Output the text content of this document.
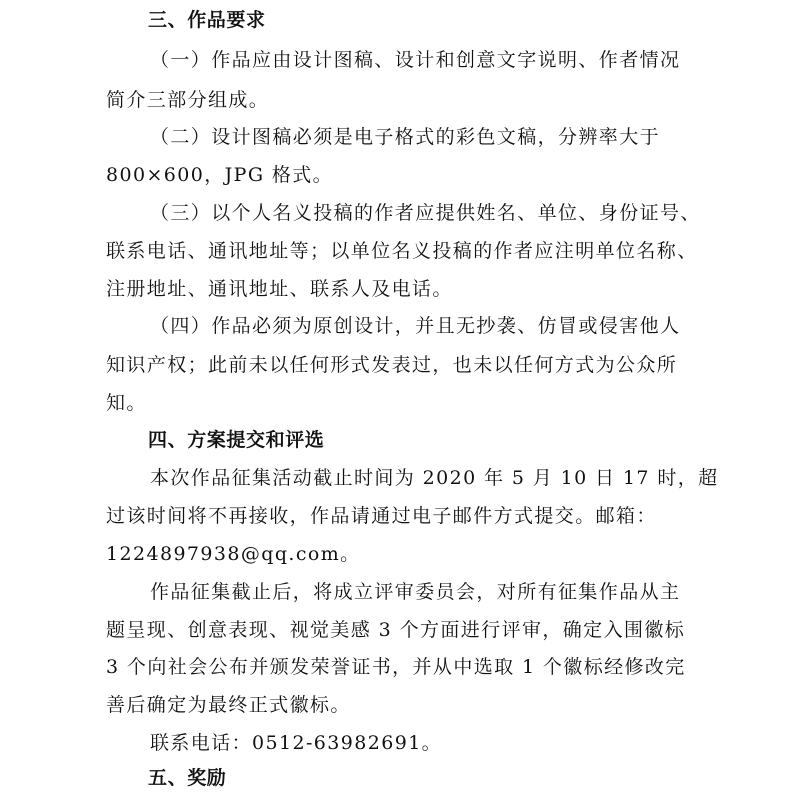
三、作品要求
（一）作品应由设计图稿、设计和创意文字说明、作者情况
简介三部分组成。
（二）设计图稿必须是电子格式的彩色文稿，分辨率大于
800×600，JPG 格式。
（三）以个人名义投稿的作者应提供姓名、单位、身份证号、
联系电话、通讯地址等；以单位名义投稿的作者应注明单位名称、
注册地址、通讯地址、联系人及电话。
（四）作品必须为原创设计，并且无抄袭、仿冒或侵害他人
知识产权；此前未以任何形式发表过，也未以任何方式为公众所
知。
四、方案提交和评选
本次作品征集活动截止时间为 2020 年 5 月 10 日 17 时，超
过该时间将不再接收，作品请通过电子邮件方式提交。邮箱：
1224897938@qq.com。
作品征集截止后，将成立评审委员会，对所有征集作品从主
题呈现、创意表现、视觉美感 3 个方面进行评审，确定入围徽标
3 个向社会公布并颁发荣誉证书，并从中选取 1 个徽标经修改完
善后确定为最终正式徽标。
联系电话：0512-63982691。
五、奖励
